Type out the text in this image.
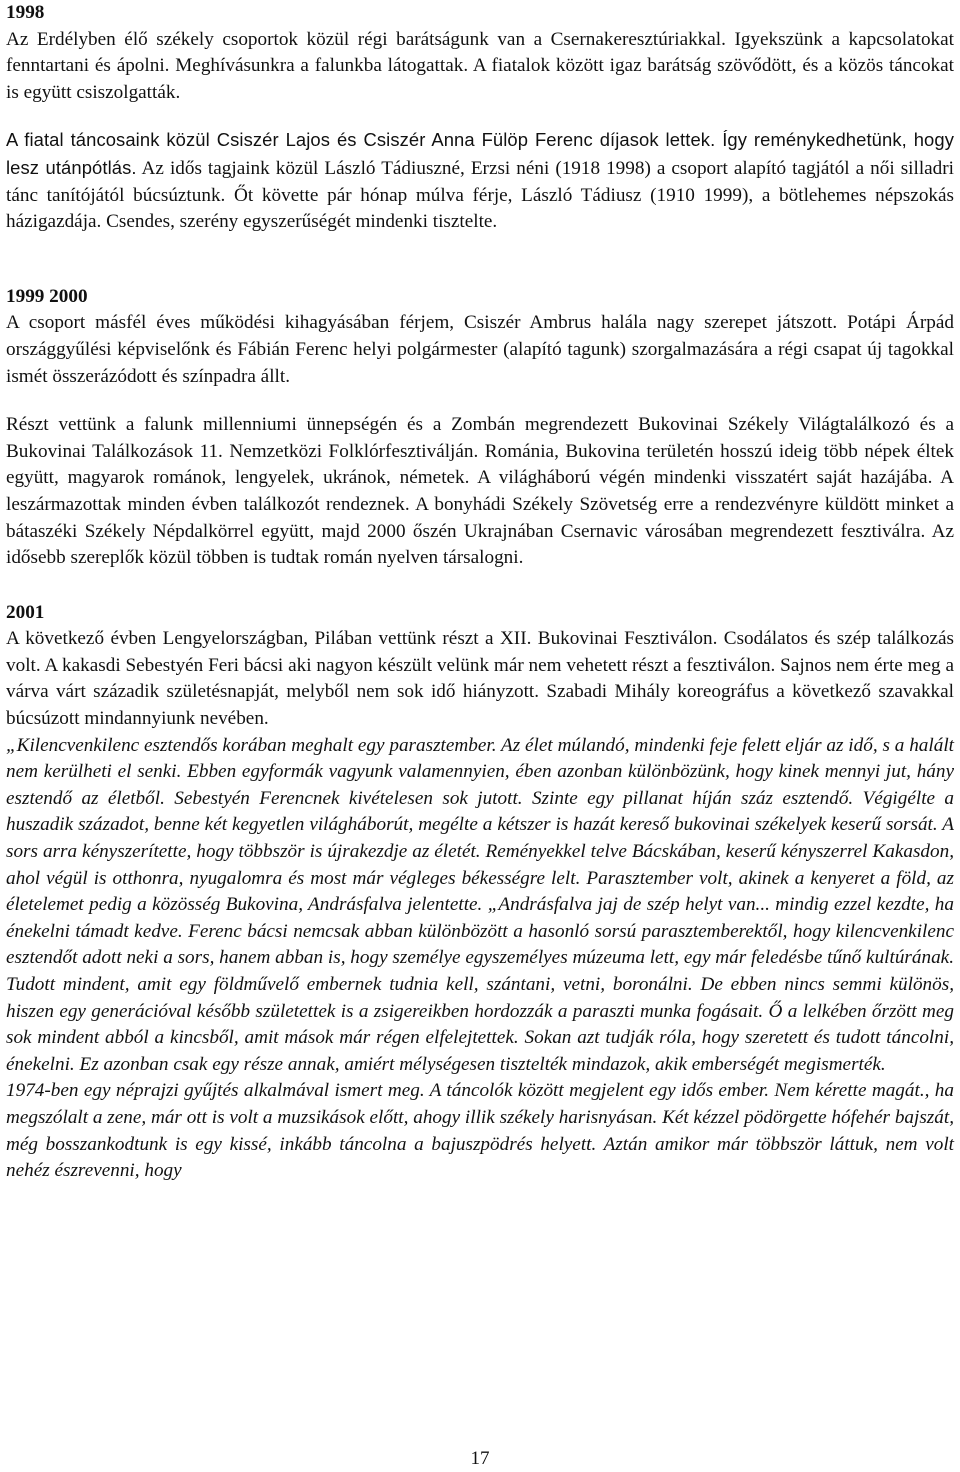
1998

Az Erdélyben élő székely csoportok közül régi barátságunk van a Csernakeresztúriakkal. Igyekszünk a kapcsolatokat fenntartani és ápolni. Meghívásunkra a falunkba látogattak. A fiatalok között igaz barátság szövődött, és a közös táncokat is együtt csiszolgatták.

A fiatal táncosaink közül Csiszér Lajos és Csiszér Anna Fülöp Ferenc díjasok lettek. Így reménykedhetünk, hogy lesz utánpótlás. Az idős tagjaink közül László Tádiuszné, Erzsi néni (1918 1998) a csoport alapító tagjától a női silladri tánc tanítójától búcsúztunk. Őt követte pár hónap múlva férje, László Tádiusz (1910 1999), a bötlehemes népszokás házigazdája. Csendes, szerény egyszerűségét mindenki tisztelte.

1999 2000

A csoport másfél éves működési kihagyásában férjem, Csiszér Ambrus halála nagy szerepet játszott. Potápi Árpád országgyűlési képviselőnk és Fábián Ferenc helyi polgármester (alapító tagunk) szorgalmazására a régi csapat új tagokkal ismét összerázódott és színpadra állt.

Részt vettünk a falunk millenniumi ünnepségén és a Zombán megrendezett Bukovinai Székely Világtalálkozó és a Bukovinai Találkozások 11. Nemzetközi Folklórfesztiválján. Románia, Bukovina területén hosszú ideig több népek éltek együtt, magyarok románok, lengyelek, ukránok, németek. A világháború végén mindenki visszatért saját hazájába. A leszármazottak minden évben találkozót rendeznek. A bonyhádi Székely Szövetség erre a rendezvényre küldött minket a bátaszéki Székely Népdalkörrel együtt, majd 2000 őszén Ukrajnában Csernavic városában megrendezett fesztiválra. Az idősebb szereplők közül többen is tudtak román nyelven társalogni.

2001

A következő évben Lengyelországban, Pilában vettünk részt a XII. Bukovinai Fesztiválon. Csodálatos és szép találkozás volt. A kakasdi Sebestyén Feri bácsi aki nagyon készült velünk már nem vehetett részt a fesztiválon. Sajnos nem érte meg a várva várt századik születésnapját, melyből nem sok idő hiányzott. Szabadi Mihály koreográfus a következő szavakkal búcsúzott mindannyiunk nevében.

„Kilencvenkilenc esztendős korában meghalt egy parasztember. Az élet múlandó, mindenki feje felett eljár az idő, s a halált nem kerülheti el senki. Ebben egyformák vagyunk valamennyien, ében azonban különbözünk, hogy kinek mennyi jut, hány esztendő az életből. Sebestyén Ferencnek kivételesen sok jutott. Szinte egy pillanat híján száz esztendő. Végigélte a huszadik századot, benne két kegyetlen világháborút, megélte a kétszer is hazát kereső bukovinai székelyek keserű sorsát. A sors arra kényszerítette, hogy többször is újrakezdje az életét. Reményekkel telve Bácskában, keserű kényszerrel Kakasdon, ahol végül is otthonra, nyugalomra és most már végleges békességre lelt. Parasztember volt, akinek a kenyeret a föld, az életelemet pedig a közösség Bukovina, Andrásfalva jelentette. „Andrásfalva jaj de szép helyt van... mindig ezzel kezdte, ha énekelni támadt kedve. Ferenc bácsi nemcsak abban különbözött a hasonló sorsú parasztemberektől, hogy kilencvenkilenc esztendőt adott neki a sors, hanem abban is, hogy személye egyszemélyes múzeuma lett, egy már feledésbe tűnő kultúrának. Tudott mindent, amit egy földművelő embernek tudnia kell, szántani, vetni, boronálni. De ebben nincs semmi különös, hiszen egy generációval később születettek is a zsigereikben hordozzák a paraszti munka fogásait. Ő a lelkében őrzött meg sok mindent abból a kincsből, amit mások már régen elfelejtettek. Sokan azt tudják róla, hogy szeretett és tudott táncolni, énekelni. Ez azonban csak egy része annak, amiért mélységesen tisztelték mindazok, akik emberségét megismerték.

1974-ben egy néprajzi gyűjtés alkalmával ismert meg. A táncolók között megjelent egy idős ember. Nem kérette magát., ha megszólalt a zene, már ott is volt a muzsikások előtt, ahogy illik székely harisnyásan. Két kézzel pödörgette hófehér bajszát, még bosszankodtunk is egy kissé, inkább táncolna a bajuszpödrés helyett. Aztán amikor már többször láttuk, nem volt nehéz észrevenni, hogy

17
